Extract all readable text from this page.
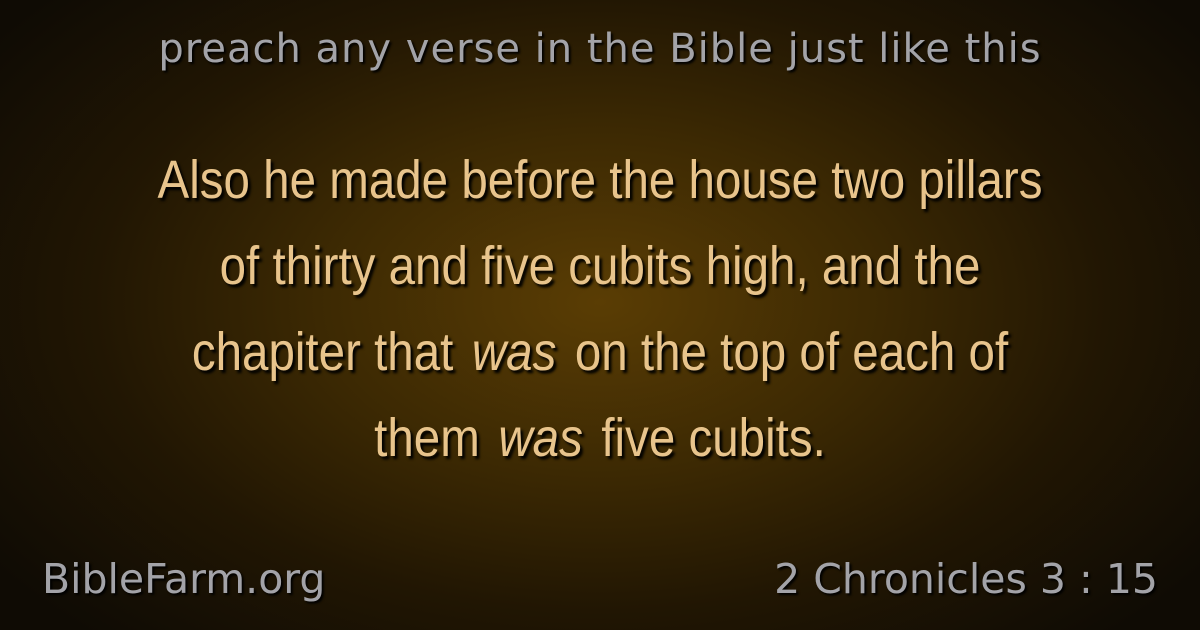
preach any verse in the Bible just like this
Also he made before the house two pillars
of thirty and five cubits high, and the
chapiter that was on the top of each of
them was five cubits.
BibleFarm.org	2 Chronicles 3 : 15
